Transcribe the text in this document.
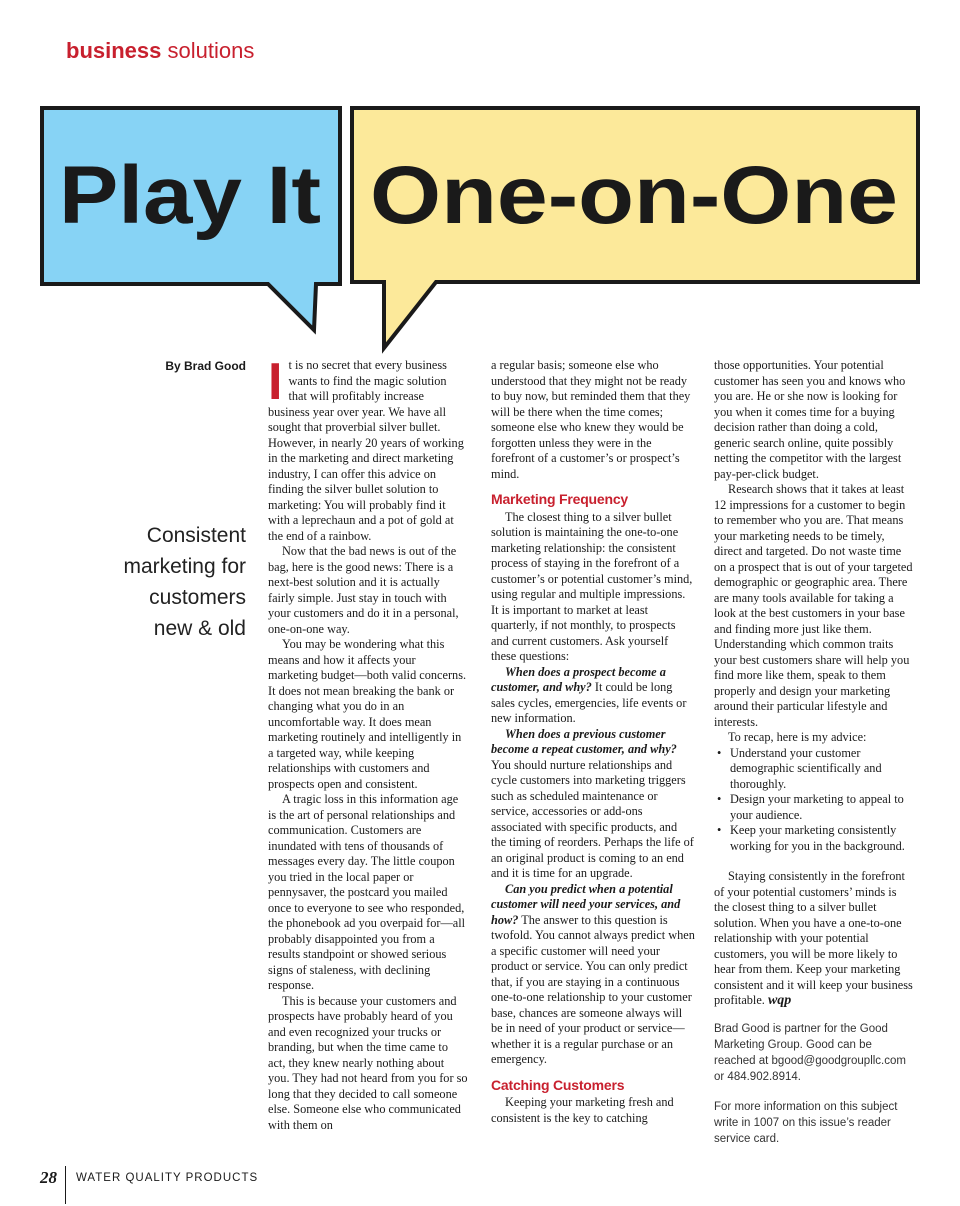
business solutions
Play It One-on-One
By Brad Good
Consistent
marketing for
customers
new & old

It is no secret that every business wants to find the magic solution that will profitably increase business year over year. We have all sought that proverbial silver bullet. However, in nearly 20 years of working in the marketing and direct marketing industry, I can offer this advice on finding the silver bullet solution to marketing: You will probably find it with a leprechaun and a pot of gold at the end of a rainbow.

Now that the bad news is out of the bag, here is the good news: There is a next-best solution and it is actually fairly simple. Just stay in touch with your customers and do it in a personal, one-on-one way.

You may be wondering what this means and how it affects your marketing budget—both valid concerns. It does not mean breaking the bank or changing what you do in an uncomfortable way. It does mean marketing routinely and intelligently in a targeted way, while keeping relationships with customers and prospects open and consistent.

A tragic loss in this information age is the art of personal relationships and communication. Customers are inundated with tens of thousands of messages every day. The little coupon you tried in the local paper or pennysaver, the postcard you mailed once to everyone to see who responded, the phonebook ad you overpaid for—all probably disappointed you from a results standpoint or showed serious signs of staleness, with declining response.

This is because your customers and prospects have probably heard of you and even recognized your trucks or branding, but when the time came to act, they knew nearly nothing about you. They had not heard from you for so long that they decided to call someone else. Someone else who communicated with them on

a regular basis; someone else who understood that they might not be ready to buy now, but reminded them that they will be there when the time comes; someone else who knew they would be forgotten unless they were in the forefront of a customer’s or prospect’s mind.

Marketing Frequency

The closest thing to a silver bullet solution is maintaining the one-to-one marketing relationship: the consistent process of staying in the forefront of a customer’s or potential customer’s mind, using regular and multiple impressions. It is important to market at least quarterly, if not monthly, to prospects and current customers. Ask yourself these questions:

When does a prospect become a customer, and why? It could be long sales cycles, emergencies, life events or new information.

When does a previous customer become a repeat customer, and why? You should nurture relationships and cycle customers into marketing triggers such as scheduled maintenance or service, accessories or add-ons associated with specific products, and the timing of reorders. Perhaps the life of an original product is coming to an end and it is time for an upgrade.

Can you predict when a potential customer will need your services, and how? The answer to this question is twofold. You cannot always predict when a specific customer will need your product or service. You can only predict that, if you are staying in a continuous one-to-one relationship to your customer base, chances are someone always will be in need of your product or service—whether it is a regular purchase or an emergency.

Catching Customers

Keeping your marketing fresh and consistent is the key to catching

those opportunities. Your potential customer has seen you and knows who you are. He or she now is looking for you when it comes time for a buying decision rather than doing a cold, generic search online, quite possibly netting the competitor with the largest pay-per-click budget.

Research shows that it takes at least 12 impressions for a customer to begin to remember who you are. That means your marketing needs to be timely, direct and targeted. Do not waste time on a prospect that is out of your targeted demographic or geographic area. There are many tools available for taking a look at the best customers in your base and finding more just like them. Understanding which common traits your best customers share will help you find more like them, speak to them properly and design your marketing around their particular lifestyle and interests.

To recap, here is my advice:

• Understand your customer demographic scientifically and thoroughly.
• Design your marketing to appeal to your audience.
• Keep your marketing consistently working for you in the background.

Staying consistently in the forefront of your potential customers’ minds is the closest thing to a silver bullet solution. When you have a one-to-one relationship with your potential customers, you will be more likely to hear from them. Keep your marketing consistent and it will keep your business profitable. wqp

Brad Good is partner for the Good Marketing Group. Good can be reached at bgood@goodgroupllc.com or 484.902.8914.
For more information on this subject write in 1007 on this issue’s reader service card.
28 WATER QUALITY PRODUCTS
